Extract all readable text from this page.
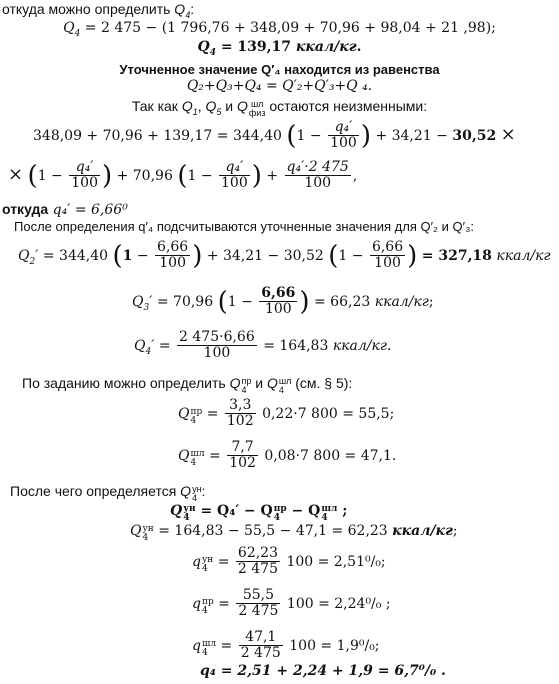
откуда можно определить $Q_4$:
$Q_4 = 2$ 475 − (1 796,76 + 348,09 + 70,96 + 98,04 + 21 ,98);
$Q_4 = 139,17$ ккал/кг.
Уточненное значение Q′₄ находится из равенства
Q₂+Q₃+Q₄ = Q′₂+Q′₃+Q ₄.
Так как $Q_1$, $Q_5$ и Q шл
физ остаются неизменными:
348,09 + 70,96 + 139,17 = 344,40 ($1 - \frac{\text{q₄′}}{100}$ ) + 34,21 − 30,52 ×
× ($1 - \frac{\text{q₄′}}{100}$ ) + 70,96 ($1 - \frac{\text{q₄′}}{100}$ ) + $\frac{\text{q₄′·2 475}}{100}$ ,
откуда q₄′ = 6,66⁰
После определения q′₄ подсчитываются уточненные значения для Q′₂ и Q′₃:
$Q_2' = 344,40$ ($1 - \frac{6,66}{100}$ ) + 34,21 − 30,52 ($1 - \frac{6,66}{100}$ ) = 327,18 ккал/кг
$Q_3' = 70,96$ ($1 - \frac{6,66}{100}$ ) = 66,23 ккал/кг;
$Q_4' = \frac{2 475\cdot 6,66}{100} = 164,83$ ккал/кг.
По заданию можно определить Q пр
4 и Q шл
4 (см. § 5):
Q пр
$4 = \frac{3,3}{102} 0,22\cdot 7$ 800 = 55,5;
Q шл
$4 = \frac{7,7}{102} 0,08\cdot 7$ 800 = 47,1.
После чего определяется Q ун
4 :
Q ун
4 = Q₄′ − Q пр
4 − Q шл
4	;
Q ун
4 = 164,83 − 55,5 − 47,1 = 62,23 ккал/кг;
q ун
$4 = \frac{62,23}{2 475} 100 = 2,51^0/_0$;
q пр
$4 = \frac{55,5}{2 475} 100 = 2,24^0/_0$ ;
q шл
$4 = \frac{47,1}{2 475} 100 = 1,9^0/_0$;
q₄ = 2,51 + 2,24 + 1,9 = 6,7⁰/₀ .
